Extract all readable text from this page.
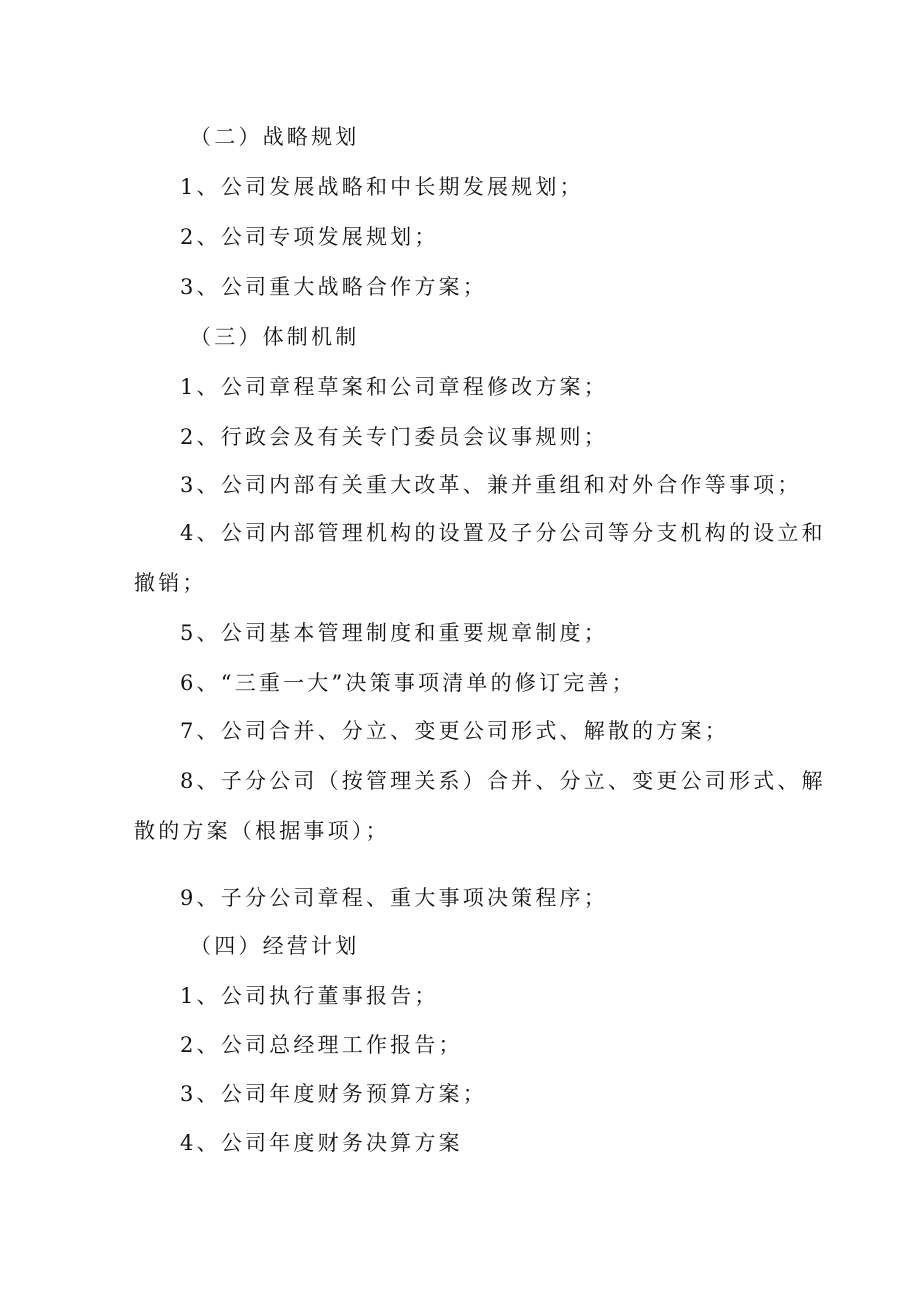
（二）战略规划
1、公司发展战略和中长期发展规划；
2、公司专项发展规划；
3、公司重大战略合作方案；
（三）体制机制
1、公司章程草案和公司章程修改方案；
2、行政会及有关专门委员会议事规则；
3、公司内部有关重大改革、兼并重组和对外合作等事项；
4、公司内部管理机构的设置及子分公司等分支机构的设立和
撤销；
5、公司基本管理制度和重要规章制度；
6、“三重一大”决策事项清单的修订完善；
7、公司合并、分立、变更公司形式、解散的方案；
8、子分公司（按管理关系）合并、分立、变更公司形式、解
散的方案（根据事项）；
9、子分公司章程、重大事项决策程序；
（四）经营计划
1、公司执行董事报告；
2、公司总经理工作报告；
3、公司年度财务预算方案；
4、公司年度财务决算方案
